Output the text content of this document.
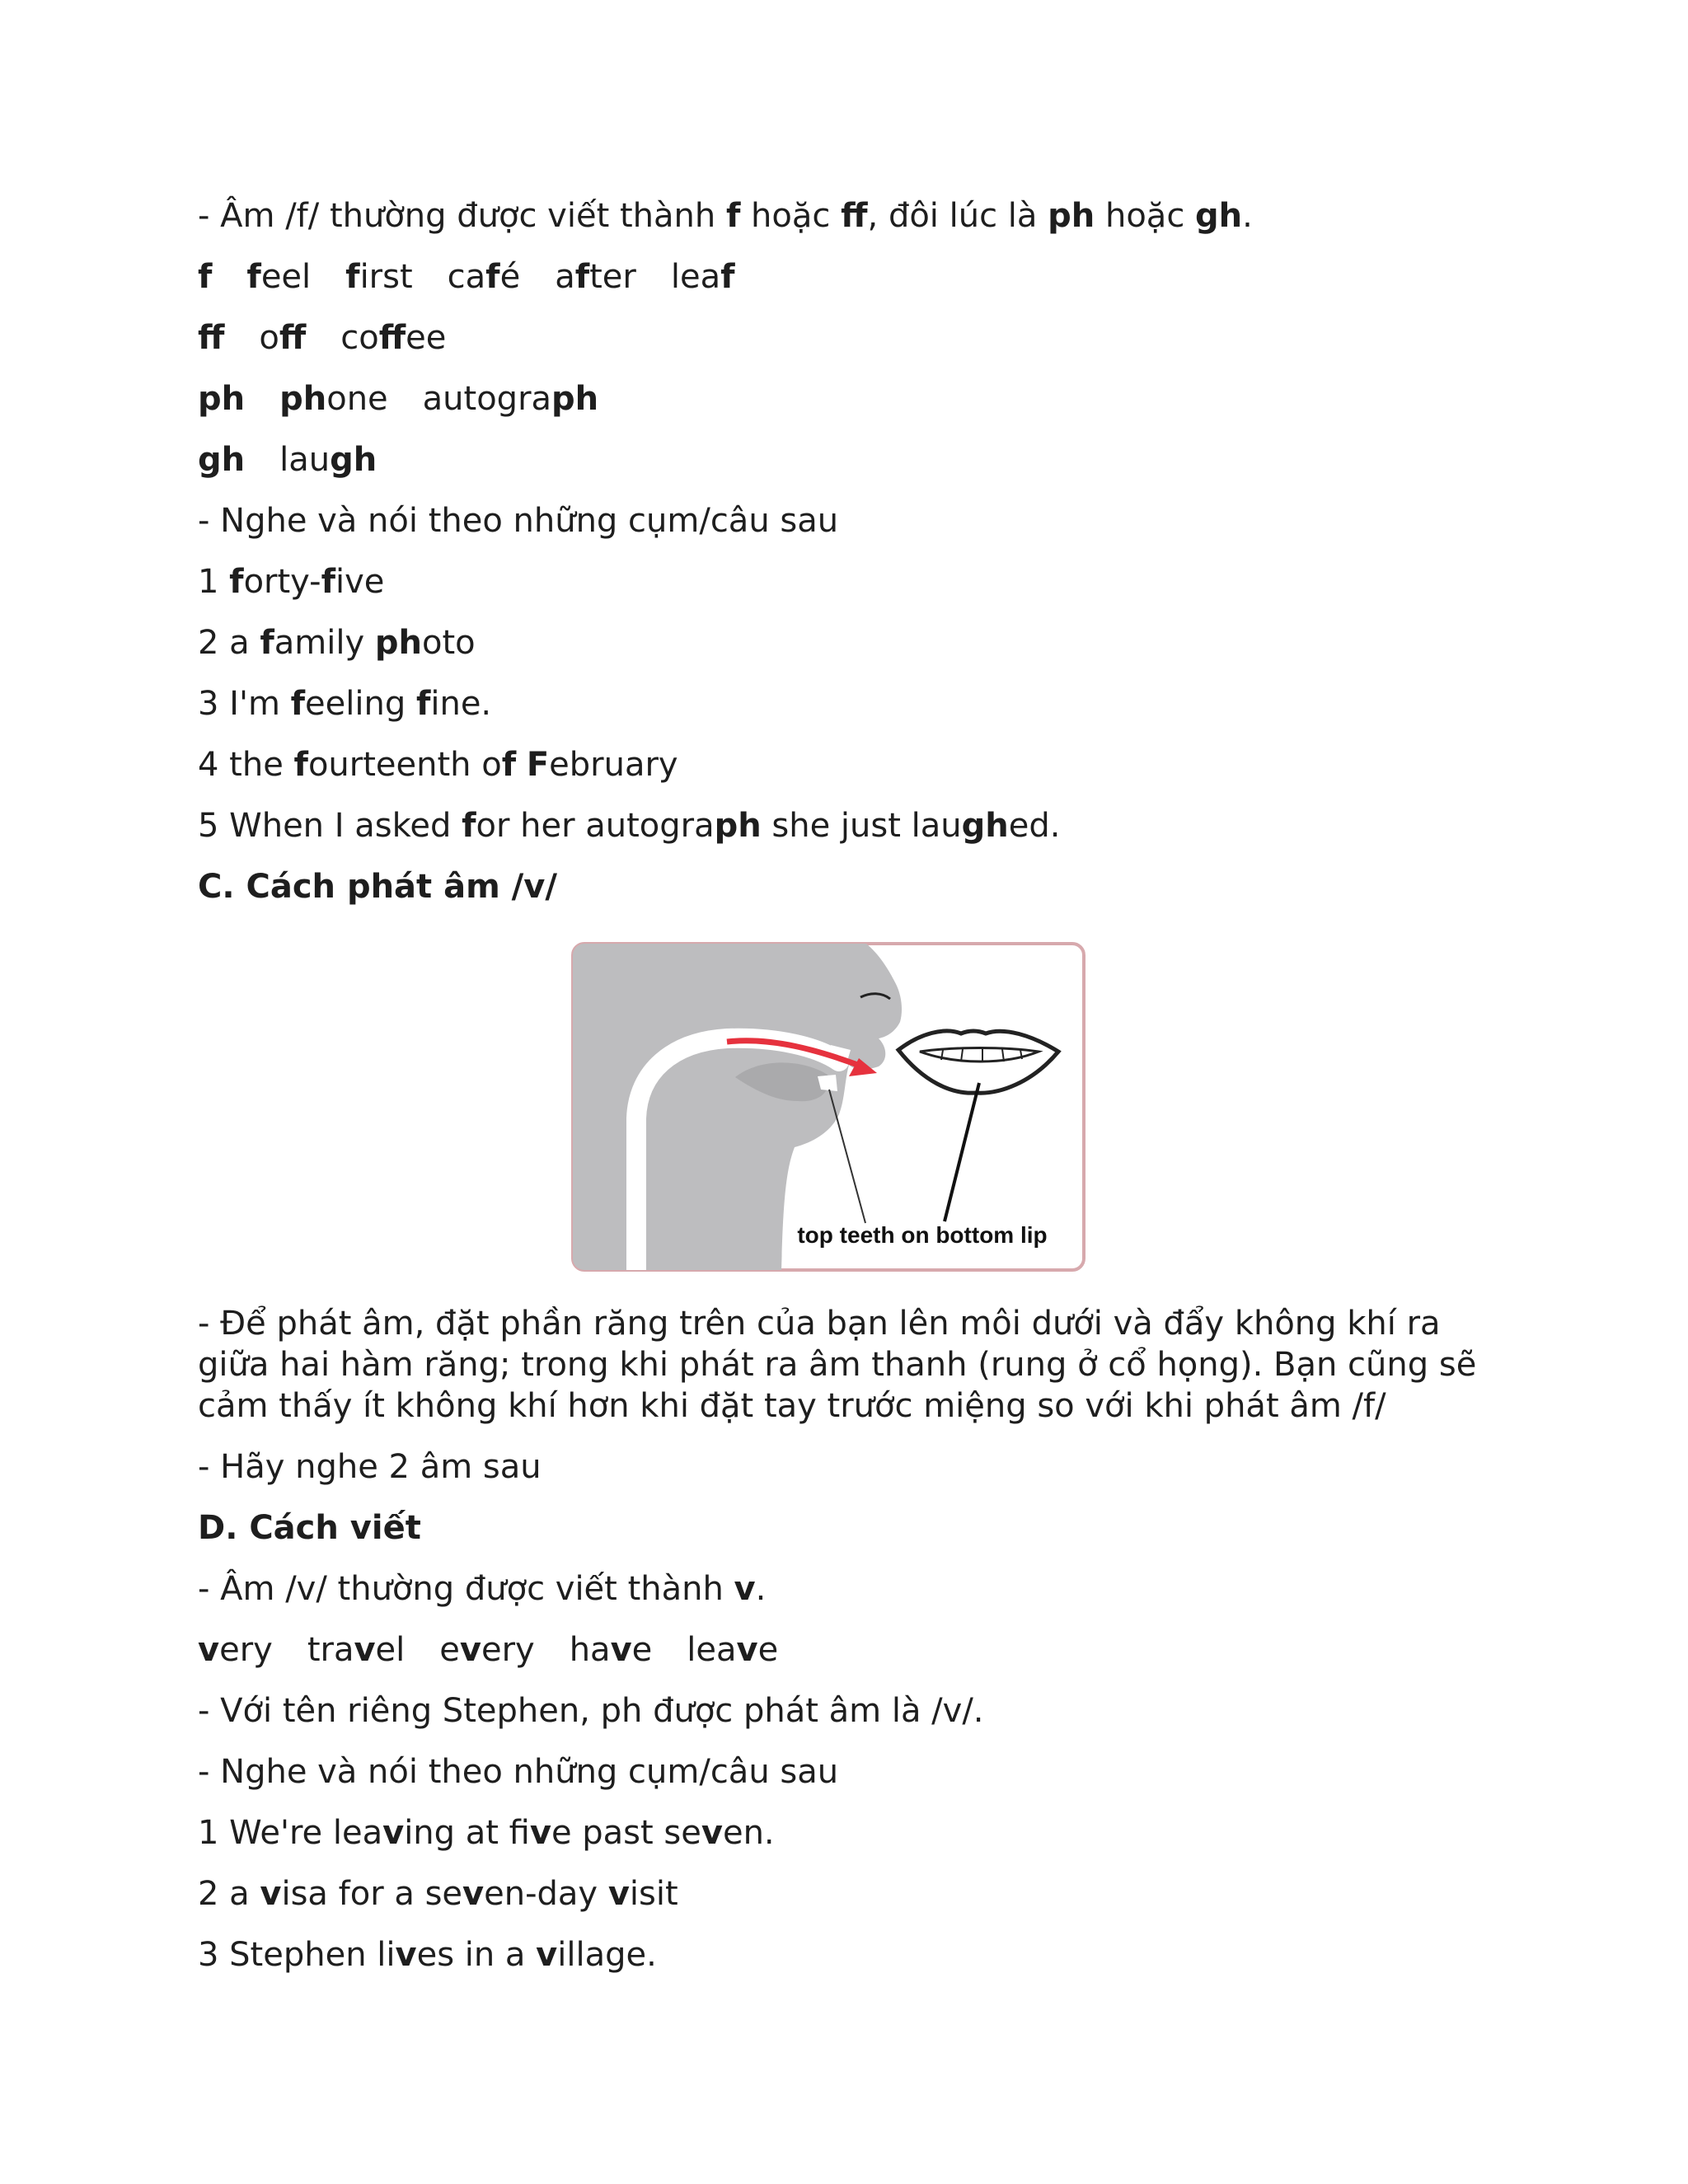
- Âm /f/ thường được viết thành f hoặc ff, đôi lúc là ph hoặc gh.
f feel first café after leaf
ff off coffee
ph phone autograph
gh laugh
- Nghe và nói theo những cụm/câu sau
1 forty-five
2 a family photo
3 I'm feeling fine.
4 the fourteenth of February
5 When I asked for her autograph she just laughed.
C. Cách phát âm /v/
top teeth on bottom lip
- Để phát âm, đặt phần răng trên của bạn lên môi dưới và đẩy không khí ra giữa hai hàm răng; trong khi phát ra âm thanh (rung ở cổ họng). Bạn cũng sẽ cảm thấy ít không khí hơn khi đặt tay trước miệng so với khi phát âm /f/
- Hãy nghe 2 âm sau
D. Cách viết
- Âm /v/ thường được viết thành v.
very travel every have leave
- Với tên riêng Stephen, ph được phát âm là /v/.
- Nghe và nói theo những cụm/câu sau
1 We're leaving at five past seven.
2 a visa for a seven-day visit
3 Stephen lives in a village.
